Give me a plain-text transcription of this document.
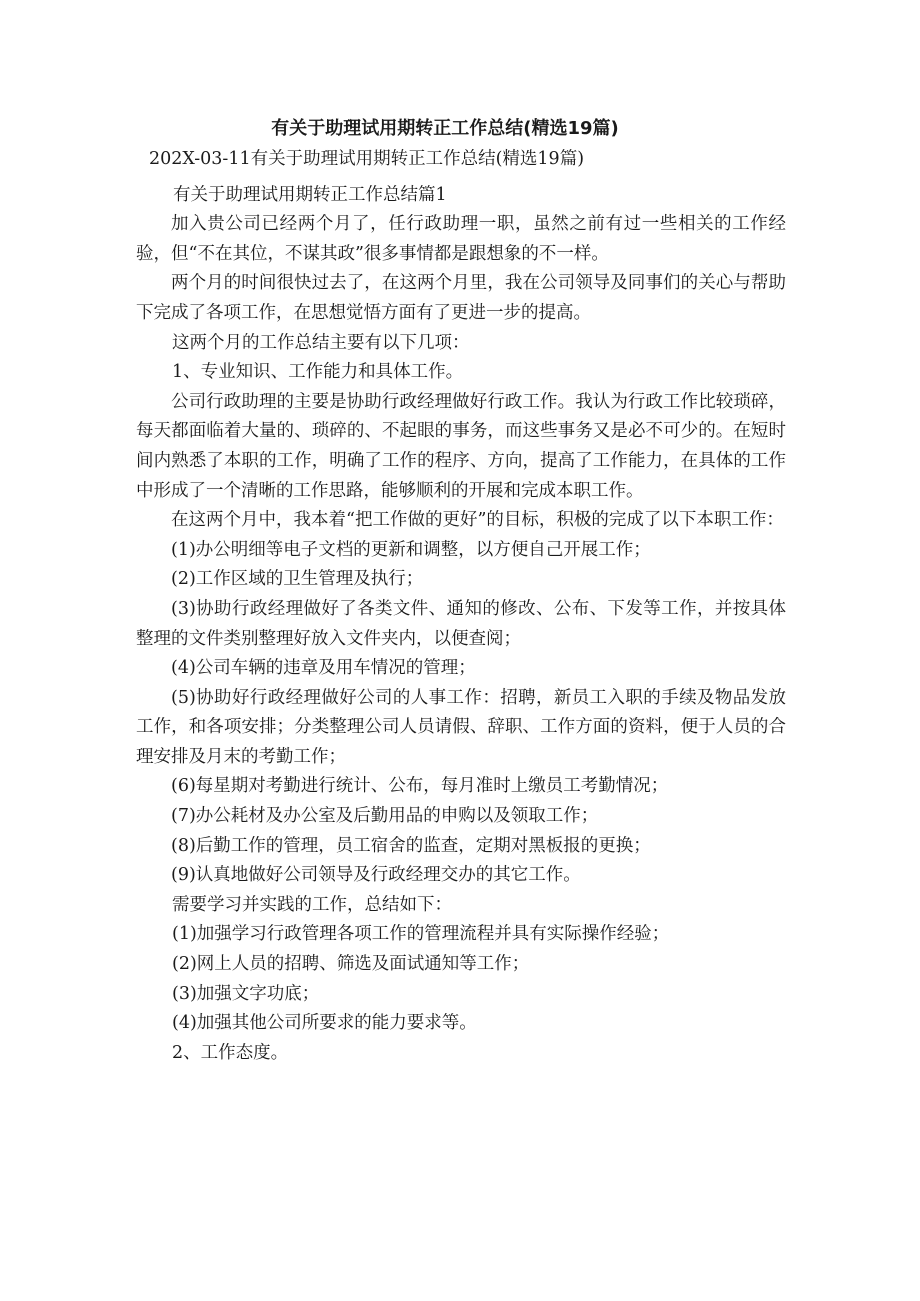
有关于助理试用期转正工作总结(精选19篇)

202X-03-11有关于助理试用期转正工作总结(精选19篇)

有关于助理试用期转正工作总结篇1

加入贵公司已经两个月了，任行政助理一职，虽然之前有过一些相关的工作经验，但“不在其位，不谋其政”很多事情都是跟想象的不一样。

两个月的时间很快过去了，在这两个月里，我在公司领导及同事们的关心与帮助下完成了各项工作，在思想觉悟方面有了更进一步的提高。

这两个月的工作总结主要有以下几项：

1、专业知识、工作能力和具体工作。

公司行政助理的主要是协助行政经理做好行政工作。我认为行政工作比较琐碎，每天都面临着大量的、琐碎的、不起眼的事务，而这些事务又是必不可少的。在短时间内熟悉了本职的工作，明确了工作的程序、方向，提高了工作能力，在具体的工作中形成了一个清晰的工作思路，能够顺利的开展和完成本职工作。

在这两个月中，我本着“把工作做的更好”的目标，积极的完成了以下本职工作：

(1)办公明细等电子文档的更新和调整，以方便自己开展工作；

(2)工作区域的卫生管理及执行；

(3)协助行政经理做好了各类文件、通知的修改、公布、下发等工作，并按具体整理的文件类别整理好放入文件夹内，以便查阅；

(4)公司车辆的违章及用车情况的管理；

(5)协助好行政经理做好公司的人事工作：招聘，新员工入职的手续及物品发放工作，和各项安排；分类整理公司人员请假、辞职、工作方面的资料，便于人员的合理安排及月末的考勤工作；

(6)每星期对考勤进行统计、公布，每月准时上缴员工考勤情况；

(7)办公耗材及办公室及后勤用品的申购以及领取工作；

(8)后勤工作的管理，员工宿舍的监查，定期对黑板报的更换；

(9)认真地做好公司领导及行政经理交办的其它工作。

需要学习并实践的工作，总结如下：

(1)加强学习行政管理各项工作的管理流程并具有实际操作经验；

(2)网上人员的招聘、筛选及面试通知等工作；

(3)加强文字功底；

(4)加强其他公司所要求的能力要求等。

2、工作态度。
